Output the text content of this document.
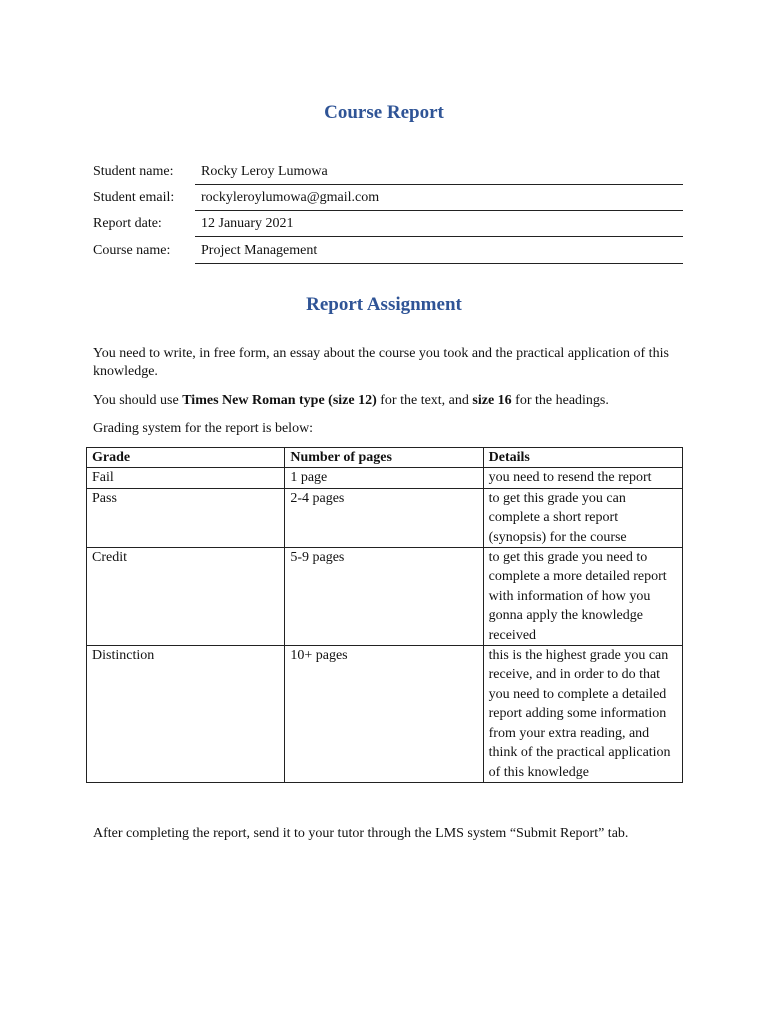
Course Report
Student name:	Rocky Leroy Lumowa
Student email:	rockyleroylumowa@gmail.com
Report date:	12 January 2021
Course name:	Project Management
Report Assignment
You need to write, in free form, an essay about the course you took and the practical application of this knowledge.
You should use Times New Roman type (size 12) for the text, and size 16 for the headings.
Grading system for the report is below:
Grade	Number of pages	Details
Fail	1 page	you need to resend the report
Pass	2-4 pages	to get this grade you can complete a short report (synopsis) for the course
Credit	5-9 pages	to get this grade you need to complete a more detailed report with information of how you gonna apply the knowledge received
Distinction	10+ pages	this is the highest grade you can receive, and in order to do that you need to complete a detailed report adding some information from your extra reading, and think of the practical application of this knowledge
After completing the report, send it to your tutor through the LMS system “Submit Report” tab.
